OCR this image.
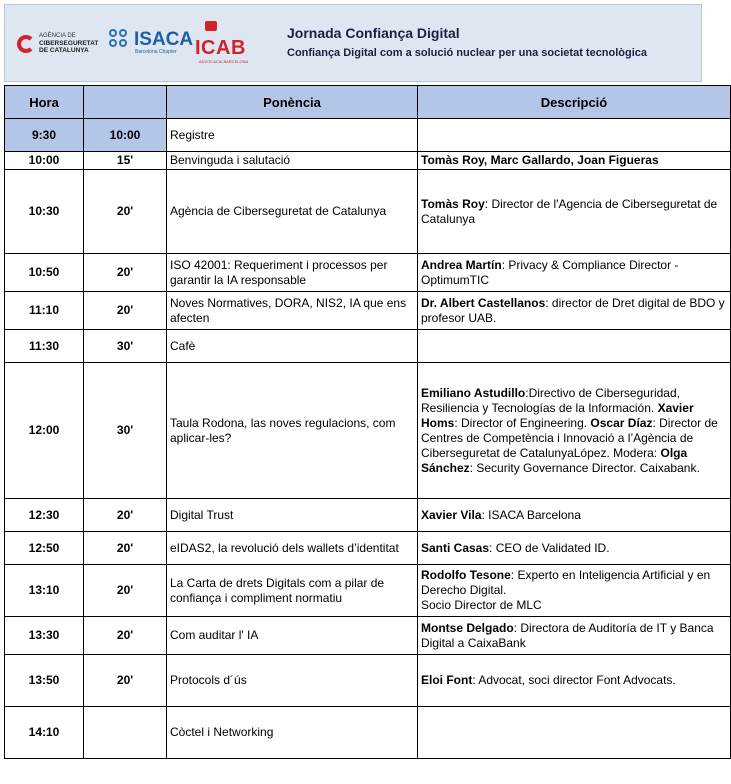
AGÈNCIA DE
CIBERSEGURETAT
DE CATALUNYA
ISACA
Barcelona Chapter ICAB
ADVOCACIA BARCELONA
Jornada Confiança Digital
Confiança Digital com a solució nuclear per una societat tecnològica
Hora		Ponència	Descripció
9:30	10:00	Registre	
10:00	15'	Benvinguda i salutació	Tomàs Roy, Marc Gallardo, Joan Figueras
10:30	20'	Agència de Ciberseguretat de Catalunya	Tomàs Roy: Director de l'Agencia de Ciberseguretat de Catalunya
10:50	20'	ISO 42001: Requeriment i processos per garantir la IA responsable	Andrea Martín: Privacy & Compliance Director - OptimumTIC
11:10	20'	Noves Normatives, DORA, NIS2, IA que ens afecten	Dr. Albert Castellanos: director de Dret digital de BDO y profesor UAB.
11:30	30'	Cafè	
12:00	30'	Taula Rodona, las noves regulacions, com aplicar-les?	Emiliano Astudillo:Directivo de Ciberseguridad, Resiliencia y Tecnologías de la Información. Xavier Homs: Director of Engineering. Oscar Díaz: Director de Centres de Competència i Innovació a l’Agència de Ciberseguretat de CatalunyaLópez. Moderа: Olga Sánchez: Security Governance Director. Caixabank.
12:30	20'	Digital Trust	Xavier Vila: ISACA Barcelona
12:50	20'	eIDAS2, la revolució dels wallets d’identitat	Santi Casas: CEO de Validated ID.
13:10	20'	La Carta de drets Digitals com a pilar de confiança i compliment normatiu	Rodolfo Tesone: Experto en Inteligencia Artificial y en Derecho Digital.
Socio Director de MLC
13:30	20'	Com auditar l' IA	Montse Delgado: Directora de Auditoría de IT y Banca Digital a CaixaBank
13:50	20'	Protocols d´ús	Eloi Font: Advocat, soci director Font Advocats.
14:10		Còctel i Networking	
